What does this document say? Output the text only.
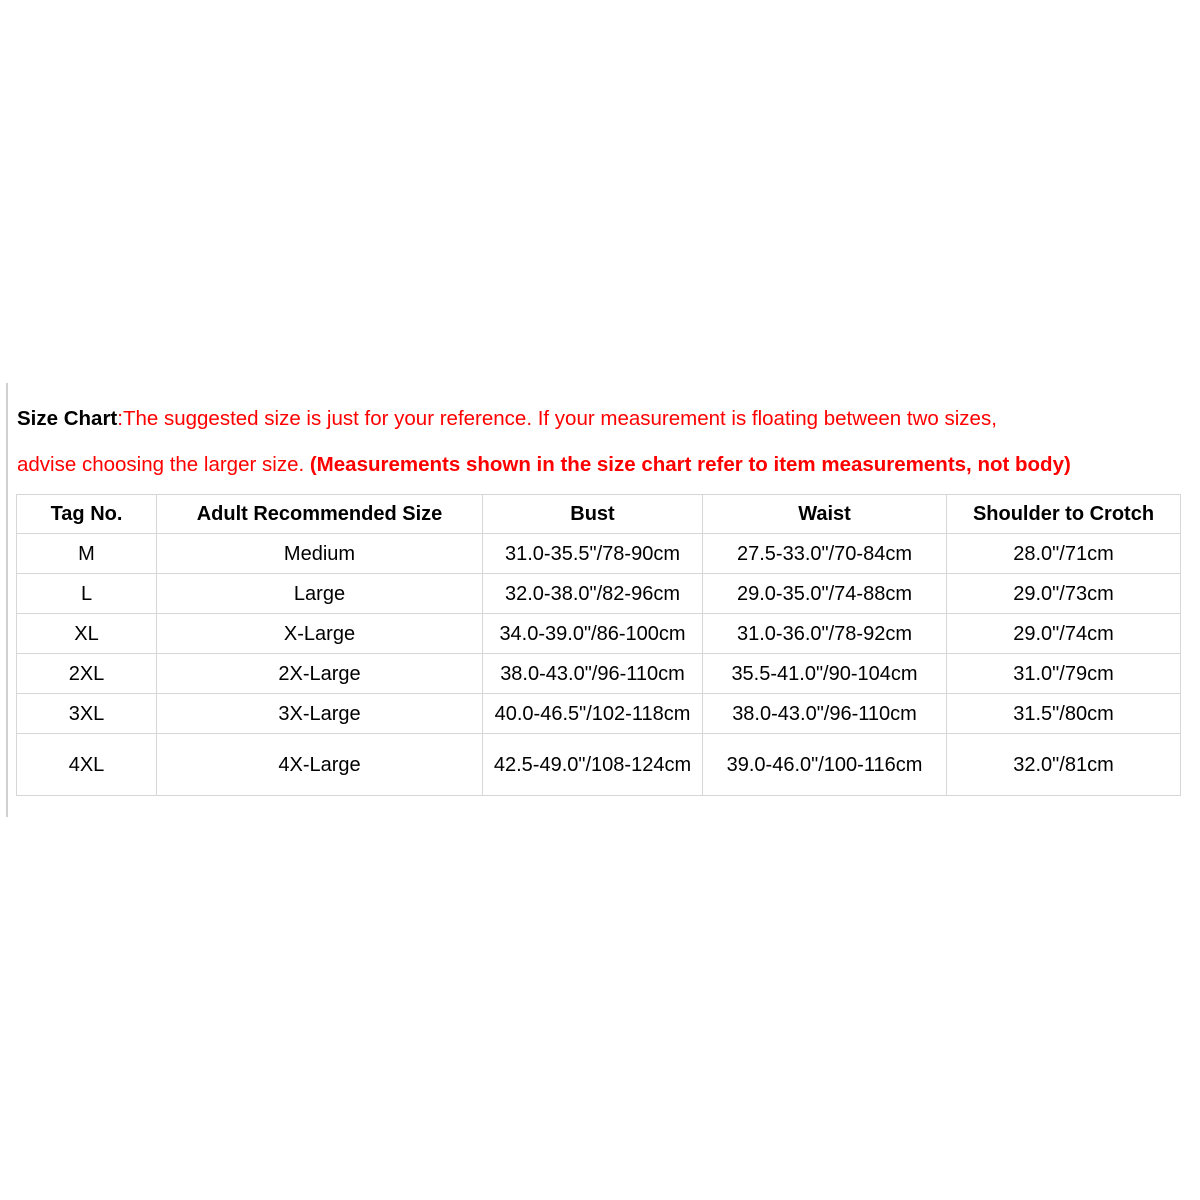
Size Chart:The suggested size is just for your reference. If your measurement is floating between two sizes,
advise choosing the larger size. (Measurements shown in the size chart refer to item measurements, not body)
Tag No.	Adult Recommended Size	Bust	Waist	Shoulder to Crotch
M	Medium	31.0-35.5"/78-90cm	27.5-33.0"/70-84cm	28.0"/71cm
L	Large	32.0-38.0"/82-96cm	29.0-35.0"/74-88cm	29.0"/73cm
XL	X-Large	34.0-39.0"/86-100cm	31.0-36.0"/78-92cm	29.0"/74cm
2XL	2X-Large	38.0-43.0"/96-110cm	35.5-41.0"/90-104cm	31.0"/79cm
3XL	3X-Large	40.0-46.5"/102-118cm	38.0-43.0"/96-110cm	31.5"/80cm
4XL	4X-Large	42.5-49.0"/108-124cm	39.0-46.0"/100-116cm	32.0"/81cm
